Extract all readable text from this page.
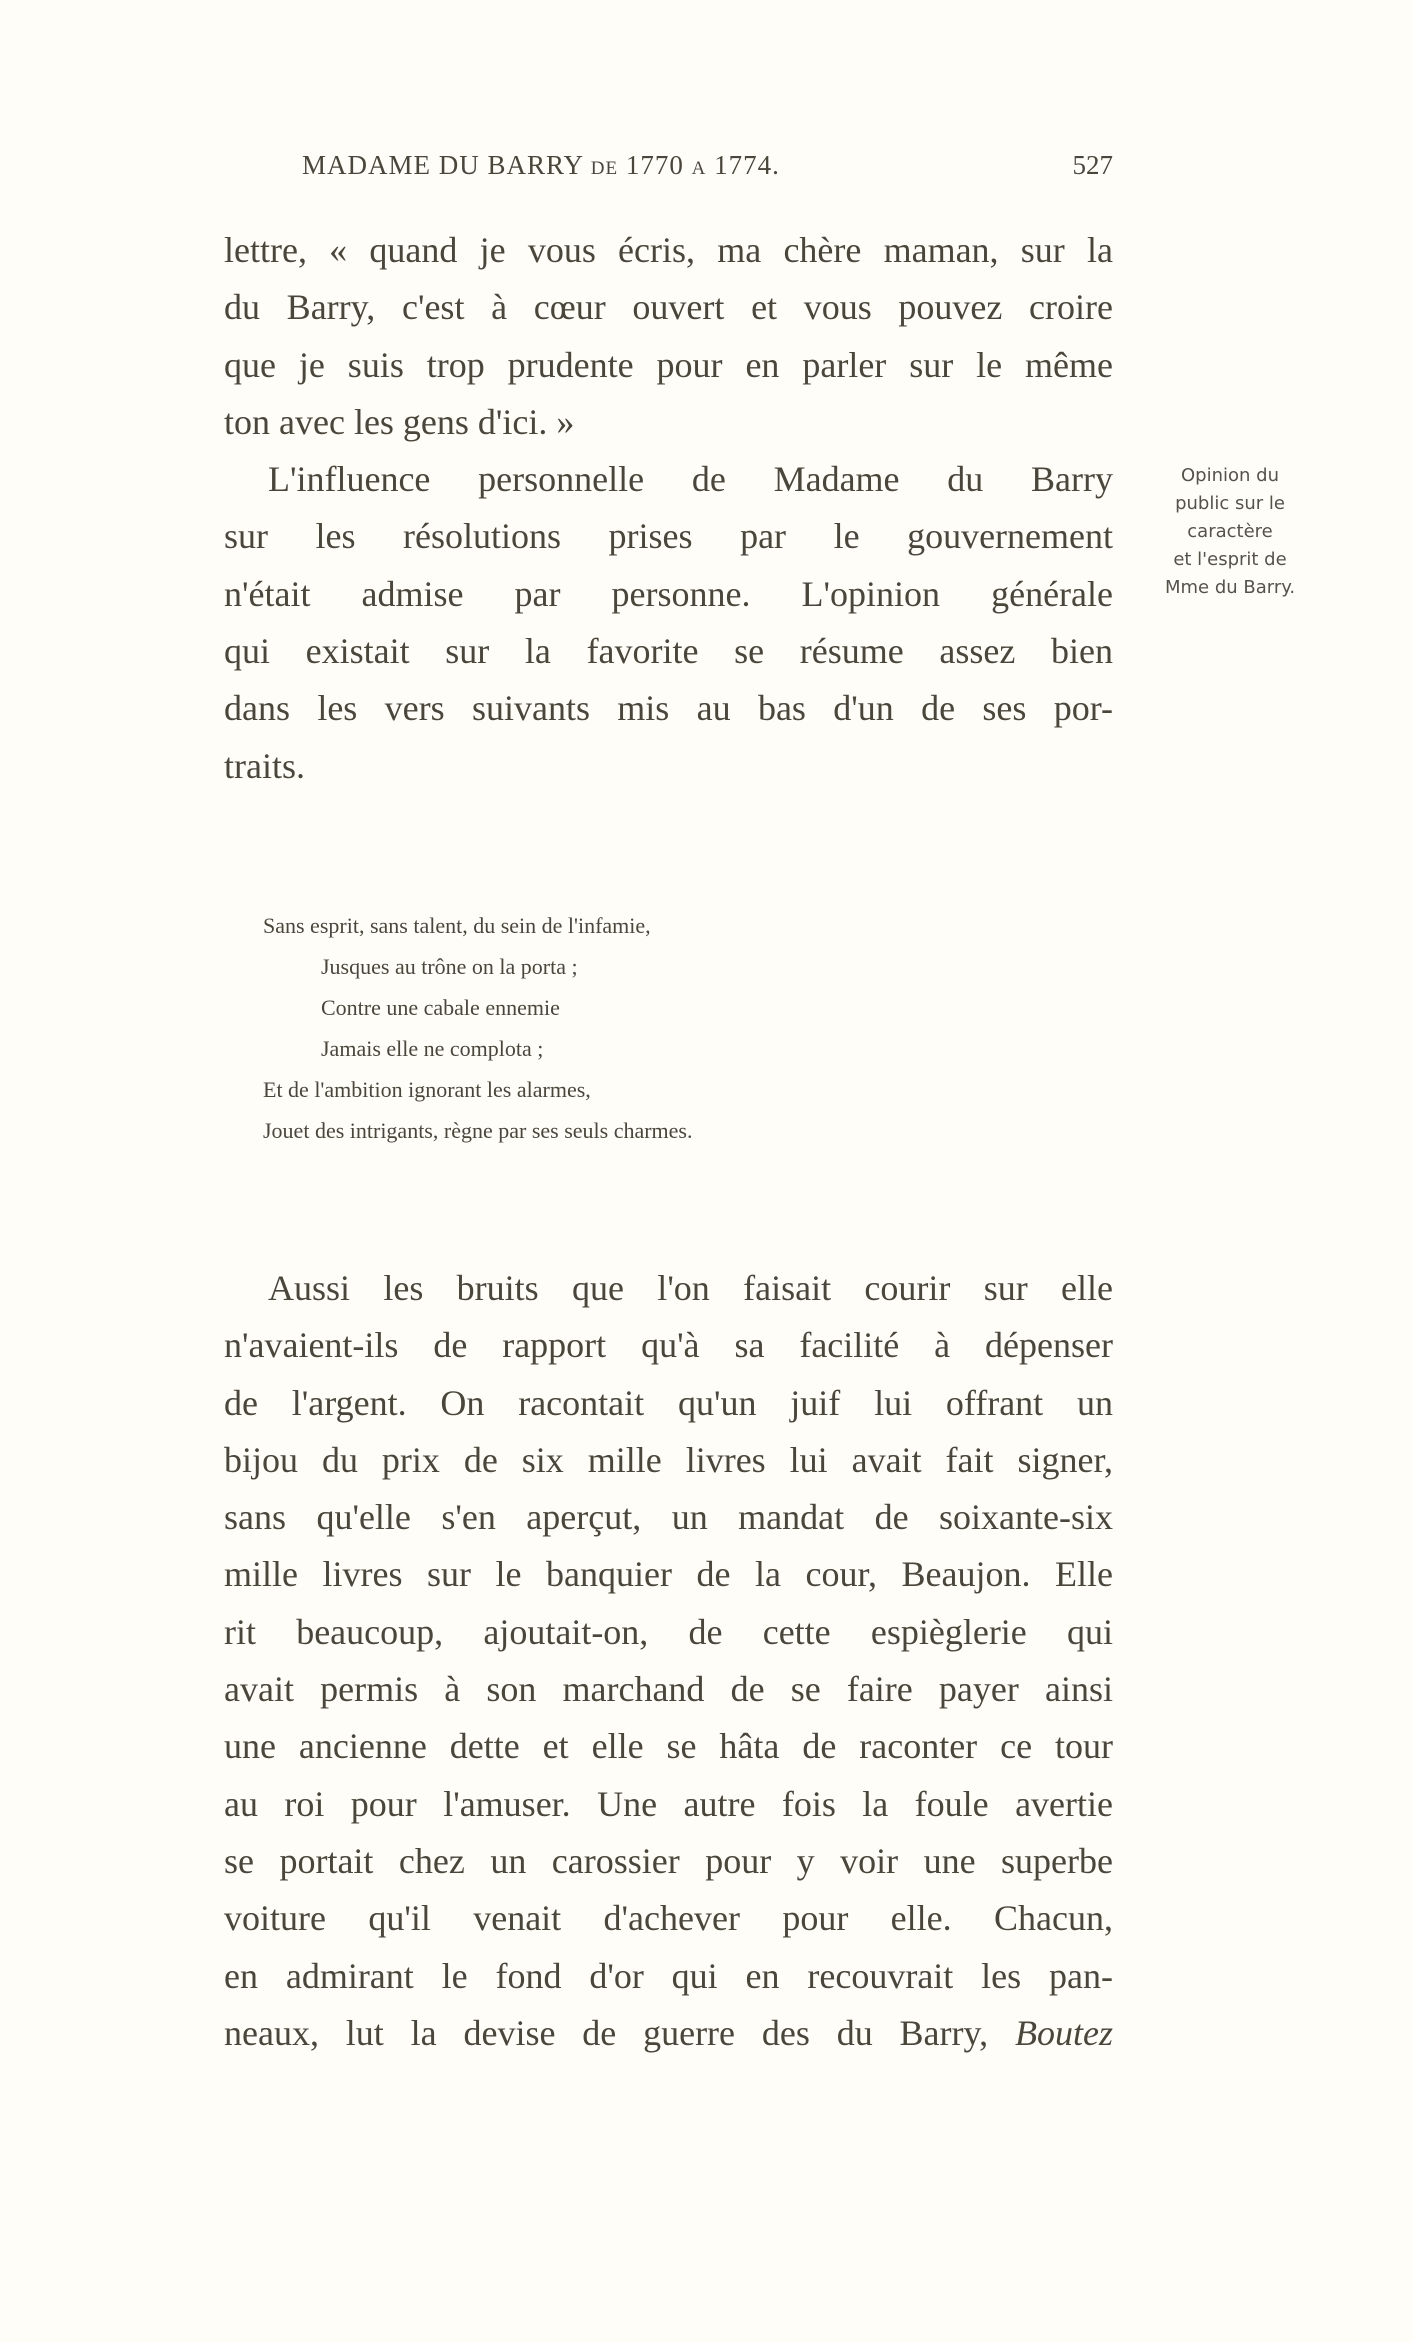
MADAME DU BARRY DE 1770 A 1774.	527
lettre, « quand je vous écris, ma chère maman, sur la
du Barry, c'est à cœur ouvert et vous pouvez croire
que je suis trop prudente pour en parler sur le même
ton avec les gens d'ici. »
L'influence personnelle de Madame du Barry
sur les résolutions prises par le gouvernement
n'était admise par personne. L'opinion générale
qui existait sur la favorite se résume assez bien
dans les vers suivants mis au bas d'un de ses por-
traits.
Opinion du
public sur le
caractère
et l'esprit de
Mme du Barry.
Sans esprit, sans talent, du sein de l'infamie,
Jusques au trône on la porta ;
Contre une cabale ennemie
Jamais elle ne complota ;
Et de l'ambition ignorant les alarmes,
Jouet des intrigants, règne par ses seuls charmes.
Aussi les bruits que l'on faisait courir sur elle
n'avaient-ils de rapport qu'à sa facilité à dépenser
de l'argent. On racontait qu'un juif lui offrant un
bijou du prix de six mille livres lui avait fait signer,
sans qu'elle s'en aperçut, un mandat de soixante-six
mille livres sur le banquier de la cour, Beaujon. Elle
rit beaucoup, ajoutait-on, de cette espièglerie qui
avait permis à son marchand de se faire payer ainsi
une ancienne dette et elle se hâta de raconter ce tour
au roi pour l'amuser. Une autre fois la foule avertie
se portait chez un carossier pour y voir une superbe
voiture qu'il venait d'achever pour elle. Chacun,
en admirant le fond d'or qui en recouvrait les pan-
neaux, lut la devise de guerre des du Barry, Boutez
